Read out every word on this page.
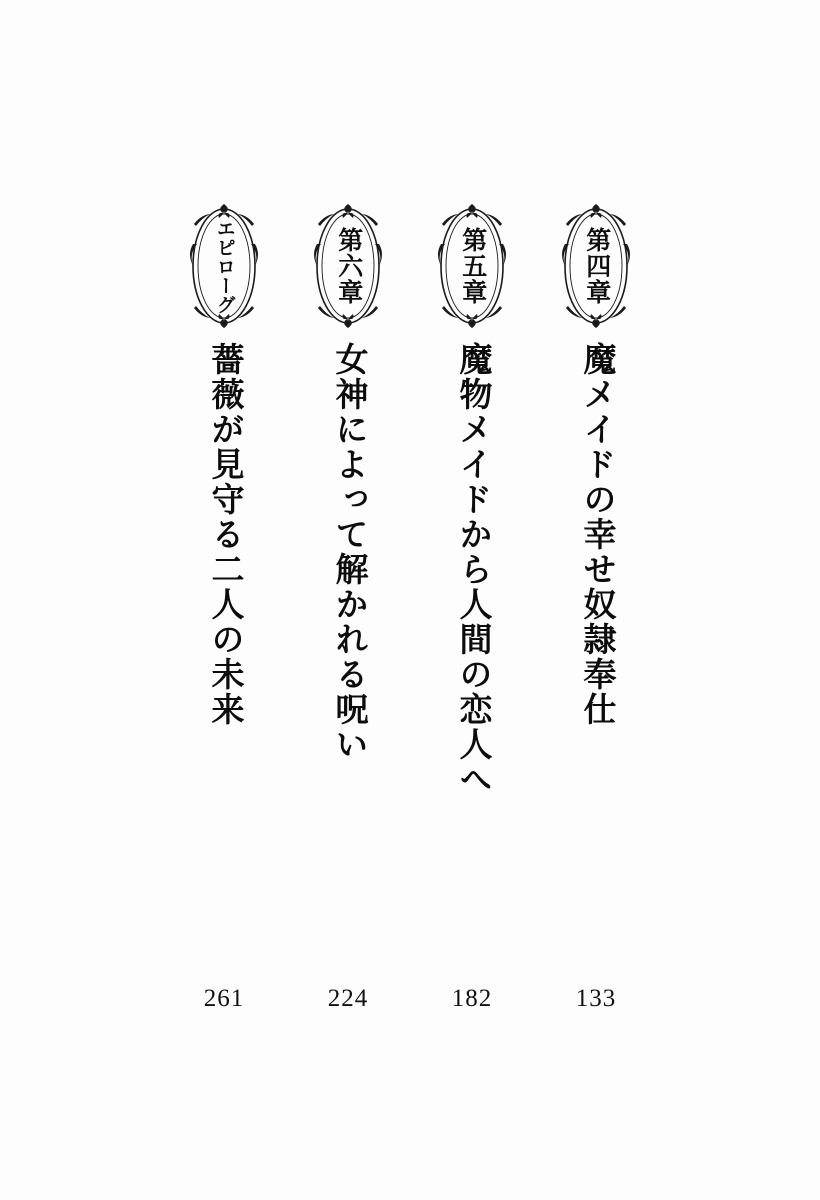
第四章
魔メイドの幸せ奴隷奉仕
第五章
魔物メイドから人間の恋人へ
第六章
女神によって解かれる呪い
エピローグ
薔薇が見守る二人の未来
133
182
224
261
